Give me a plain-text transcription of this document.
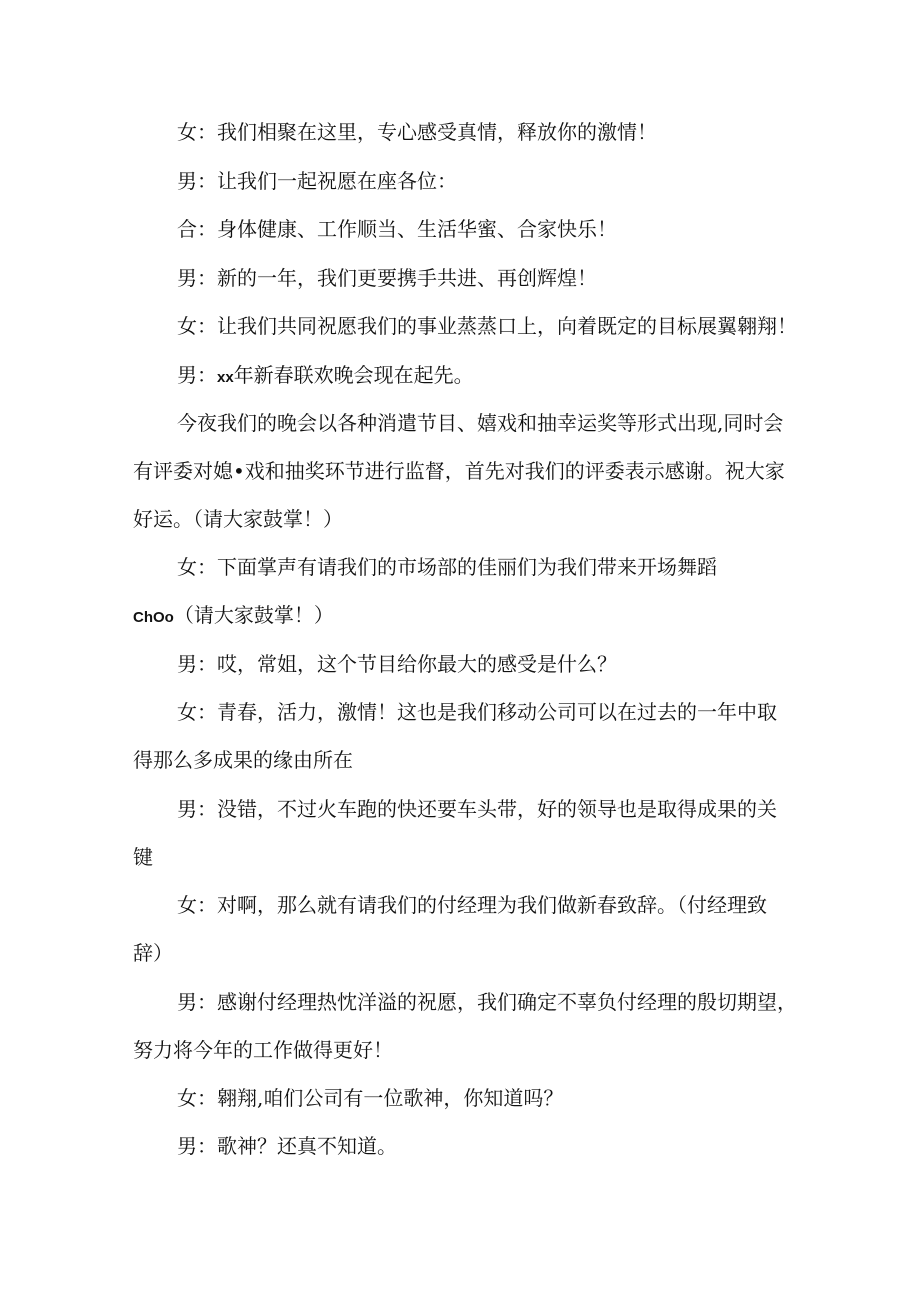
女：我们相聚在这里，专心感受真情，释放你的激情！
男：让我们一起祝愿在座各位：
合：身体健康、工作顺当、生活华蜜、合家快乐！
男：新的一年，我们更要携手共进、再创辉煌！
女：让我们共同祝愿我们的事业蒸蒸口上，向着既定的目标展翼翱翔！
男：xx年新春联欢晚会现在起先。
今夜我们的晚会以各种消遣节目、嬉戏和抽幸运奖等形式出现,同时会
有评委对媳•戏和抽奖环节进行监督，首先对我们的评委表示感谢。祝大家
好运。（请大家鼓掌！）
女：下面掌声有请我们的市场部的佳丽们为我们带来开场舞蹈
ChOo（请大家鼓掌！）
男：哎，常姐，这个节目给你最大的感受是什么？
女：青春，活力，激情！这也是我们移动公司可以在过去的一年中取
得那么多成果的缘由所在
男：没错，不过火车跑的快还要车头带，好的领导也是取得成果的关
键
女：对啊，那么就有请我们的付经理为我们做新春致辞。（付经理致
辞）
男：感谢付经理热忱洋溢的祝愿，我们确定不辜负付经理的殷切期望，
努力将今年的工作做得更好！
女：翱翔,咱们公司有一位歌神，你知道吗？
男：歌神？还真不知道。
